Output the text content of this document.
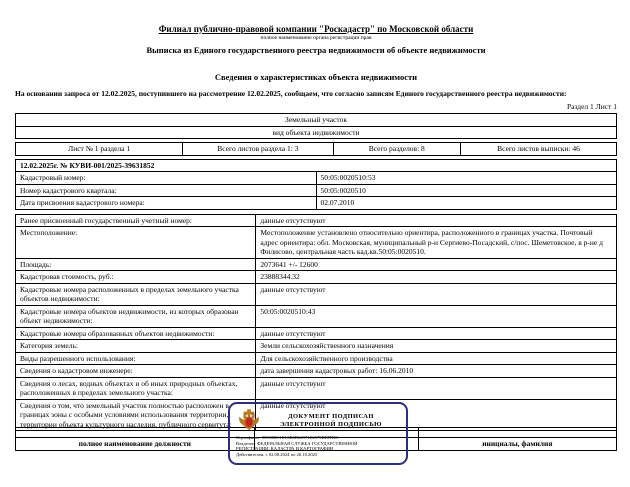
Филиал публично-правовой компании "Роскадастр" по Московской области
полное наименование органа регистрации прав
Выписка из Единого государственного реестра недвижимости об объекте недвижимости
Сведения о характеристиках объекта недвижимости
На основании запроса от 12.02.2025, поступившего на рассмотрение 12.02.2025, сообщаем, что согласно записям Единого государственного реестра недвижимости:
Раздел 1 Лист 1
Земельный участок
вид объекта недвижимости
Лист № 1 раздела 1	Всего листов раздела 1: 3	Всего разделов: 8	Всего листов выписки: 46
12.02.2025г. № КУВИ-001/2025-39631852	
Кадастровый номер:	50:05:0020510:53
Номер кадастрового квартала:	50:05:0020510
Дата присвоения кадастрового номера:	02.07.2010
Ранее присвоенный государственный учетный номер:	данные отсутствуют
Местоположение:	Местоположение установлено относительно ориентира, расположенного в границах участка. Почтовый адрес ориентира: обл. Московская, муниципальный р-н Сергиево-Посадский, с/пос. Шеметовское, в р-не д Филисово, центральная часть кад.кв.50:05:0020510.
Площадь:	2073641 +/- 12600
Кадастровая стоимость, руб.:	23888344.32
Кадастровые номера расположенных в пределах земельного участка объектов недвижимости:	данные отсутствуют
Кадастровые номера объектов недвижимости, из которых образован объект недвижимости:	50:05:0020510:43
Кадастровые номера образованных объектов недвижимости:	данные отсутствуют
Категория земель:	Земли сельскохозяйственного назначения
Виды разрешенного использования:	Для сельскохозяйственного производства
Сведения о кадастровом инженере:	дата завершения кадастровых работ: 16.06.2010
Сведения о лесах, водных объектах и об иных природных объектах, расположенных в пределах земельного участка:	данные отсутствуют
Сведения о том, что земельный участок полностью расположен в границах зоны с особыми условиями использования территории, территории объекта культурного наследия, публичного сервитута:	данные отсутствуют

полное наименование должности		инициалы, фамилия
ДОКУМЕНТ ПОДПИСАН
ЭЛЕКТРОННОЙ ПОДПИСЬЮ
Сертификат: 00910BC181AB3B66971E2579BEFB50
Владелец: ФЕДЕРАЛЬНАЯ СЛУЖБА ГОСУДАРСТВЕННОЙ
РЕГИСТРАЦИИ, КАДАСТРА И КАРТОГРАФИИ
Действителен: с 02.08.2024 по 26.10.2025
